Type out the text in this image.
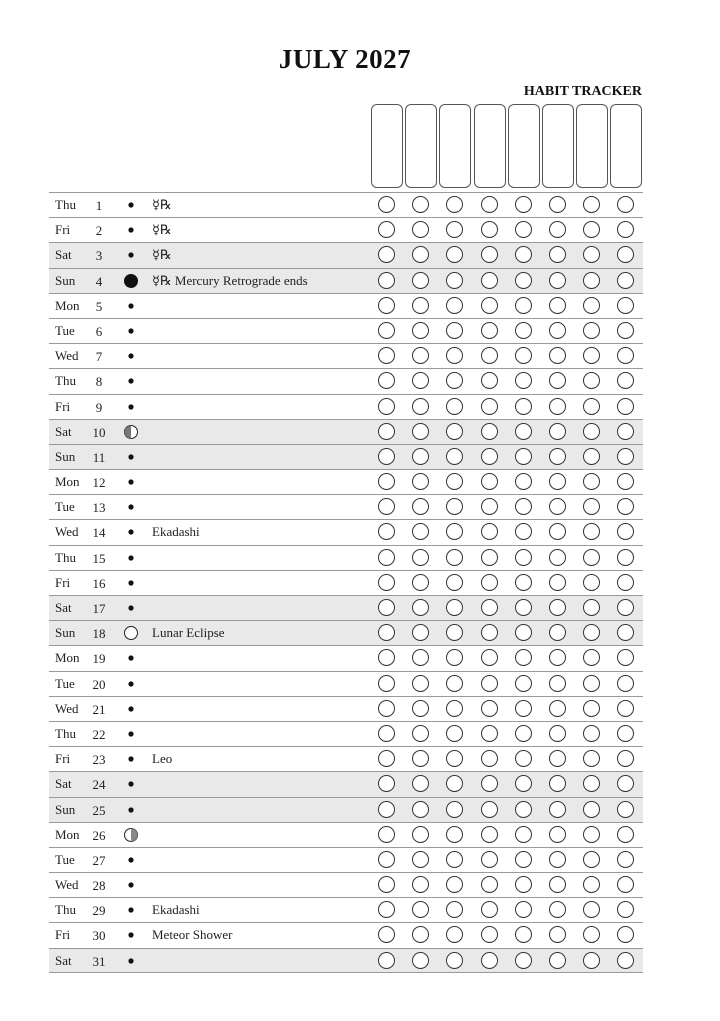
JULY 2027
HABIT TRACKER
Thu	1	☿℞
Fri	2	☿℞
Sat	3	☿℞
Sun	4	☿℞ Mercury Retrograde ends
Mon	5
Tue	6
Wed	7
Thu	8
Fri	9
Sat 10
Sun 11
Mon 12
Tue 13
Wed 14	Ekadashi
Thu 15
Fri 16
Sat 17
Sun 18	Lunar Eclipse
Mon 19
Tue 20
Wed 21
Thu 22
Fri 23	Leo
Sat 24
Sun 25
Mon 26
Tue 27
Wed 28
Thu 29	Ekadashi
Fri 30	Meteor Shower
Sat 31
